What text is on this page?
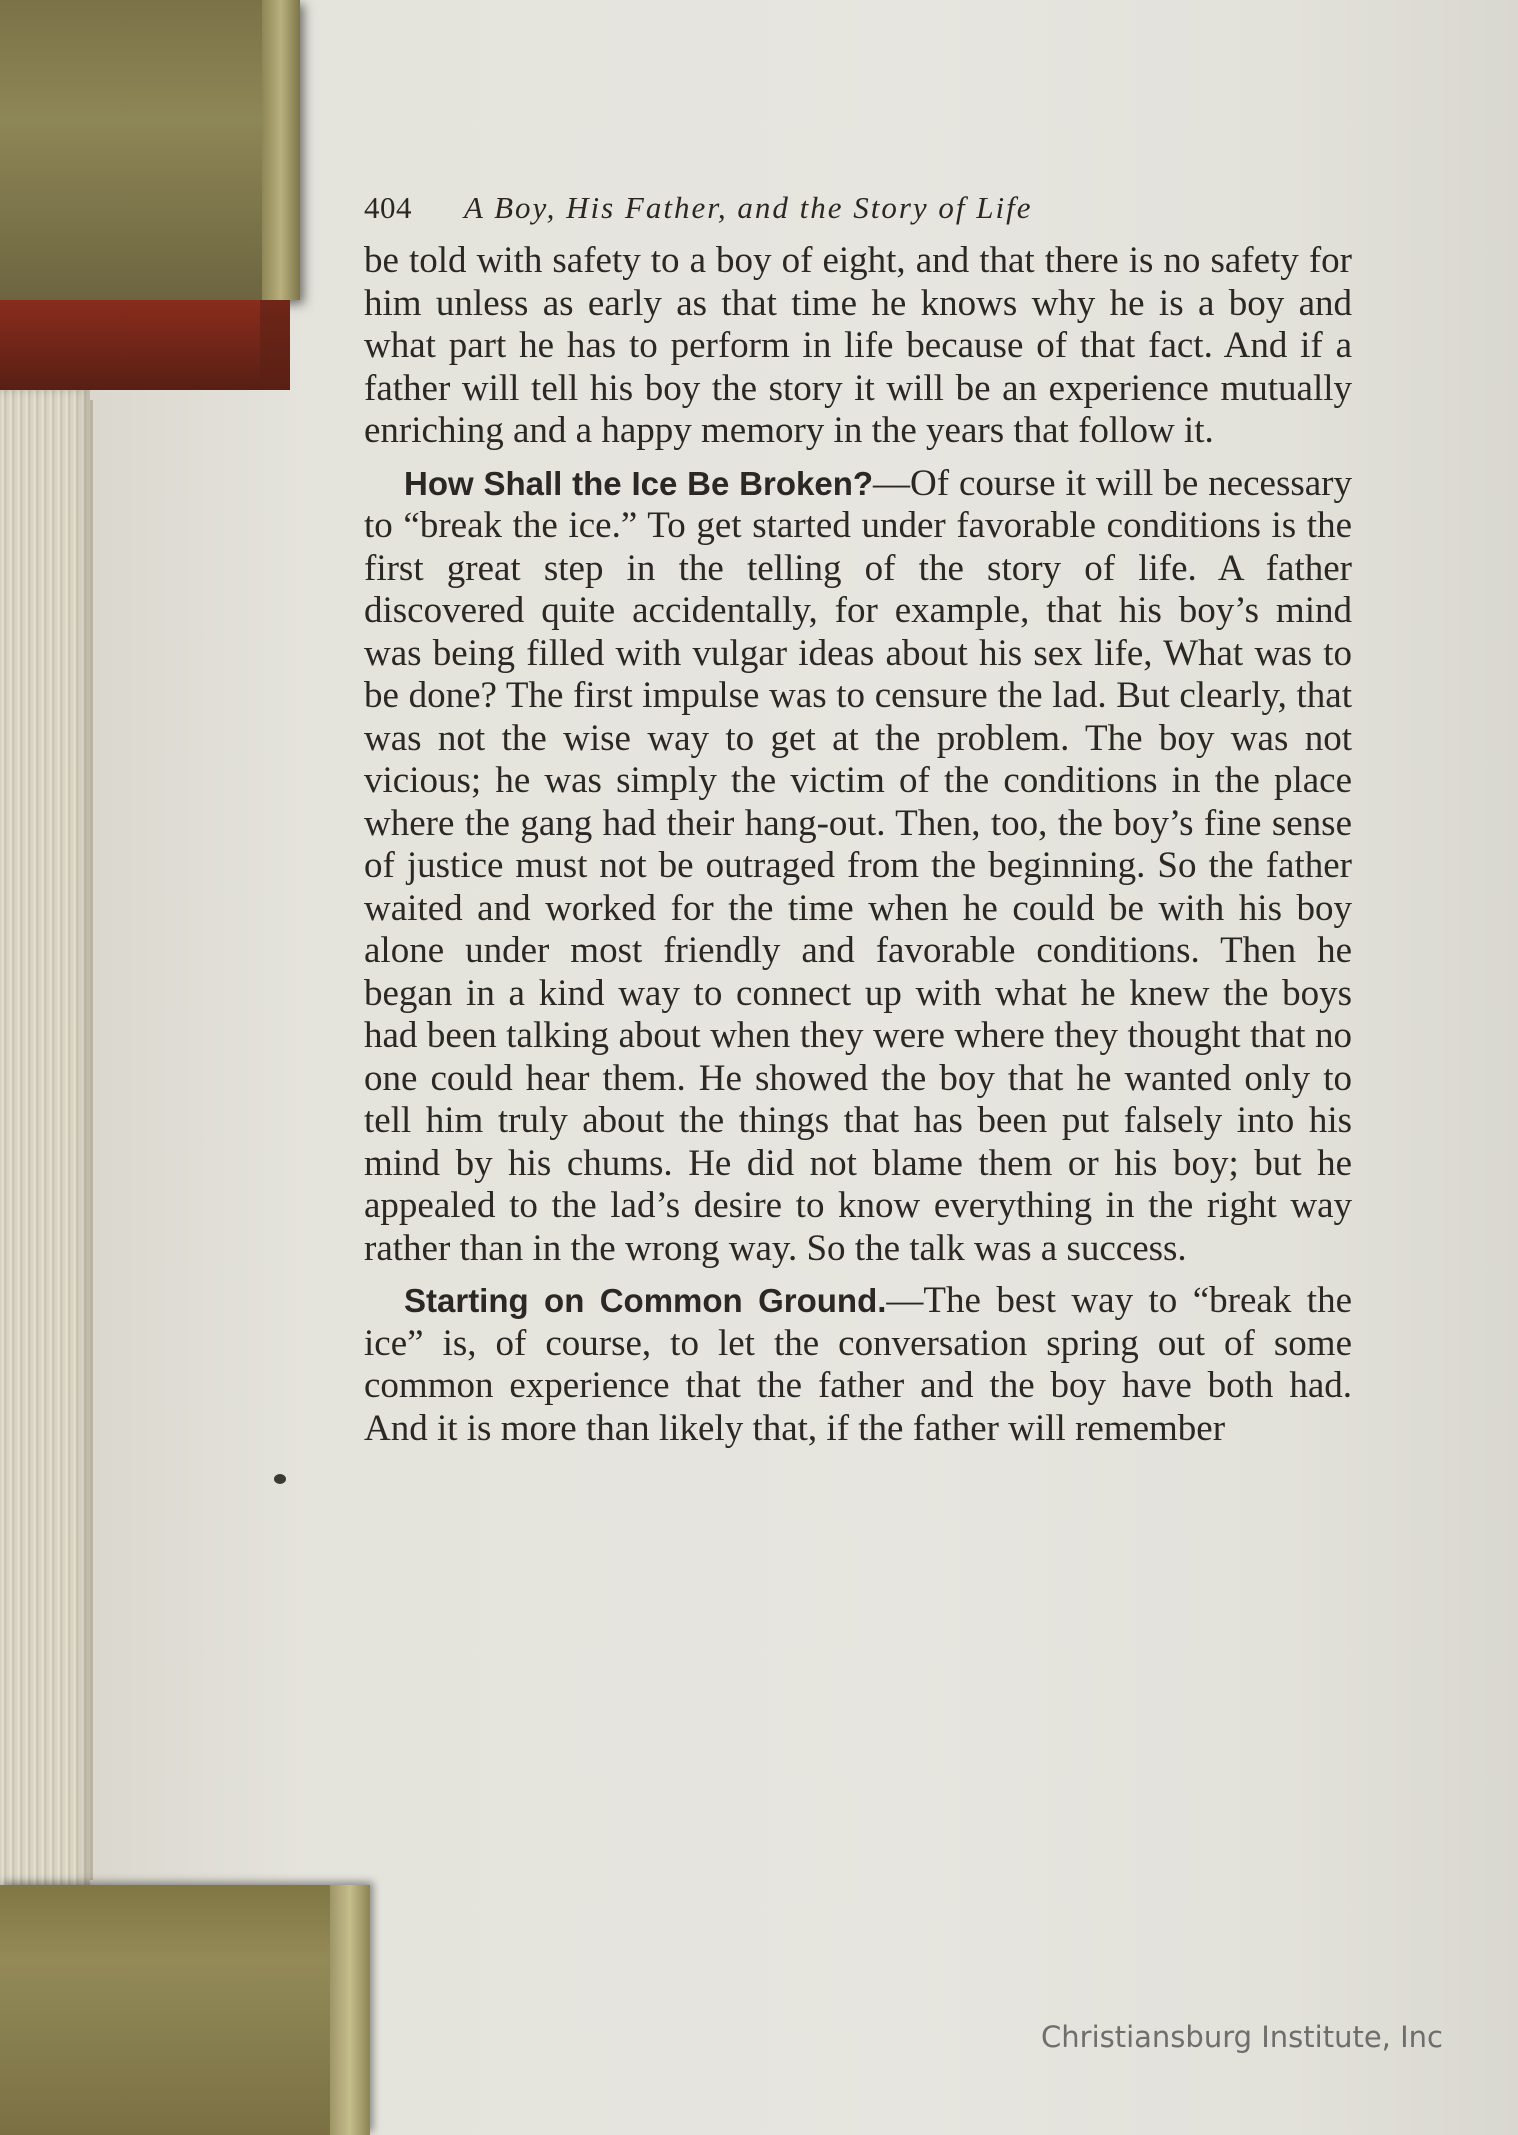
404 A Boy, His Father, and the Story of Life

be told with safety to a boy of eight, and that there is no safety for him unless as early as that time he knows why he is a boy and what part he has to perform in life because of that fact. And if a father will tell his boy the story it will be an experience mutually enriching and a happy memory in the years that follow it.

How Shall the Ice Be Broken?—Of course it will be necessary to “break the ice.” To get started under favorable conditions is the first great step in the telling of the story of life. A father discovered quite accidentally, for example, that his boy’s mind was being filled with vulgar ideas about his sex life, What was to be done? The first impulse was to censure the lad. But clearly, that was not the wise way to get at the problem. The boy was not vicious; he was simply the victim of the conditions in the place where the gang had their hang-out. Then, too, the boy’s fine sense of justice must not be outraged from the beginning. So the father waited and worked for the time when he could be with his boy alone under most friendly and favorable conditions. Then he began in a kind way to connect up with what he knew the boys had been talking about when they were where they thought that no one could hear them. He showed the boy that he wanted only to tell him truly about the things that has been put falsely into his mind by his chums. He did not blame them or his boy; but he appealed to the lad’s desire to know everything in the right way rather than in the wrong way. So the talk was a success.

Starting on Common Ground.—The best way to “break the ice” is, of course, to let the conversation spring out of some common experience that the father and the boy have both had. And it is more than likely that, if the father will remember

Christiansburg Institute, Inc
